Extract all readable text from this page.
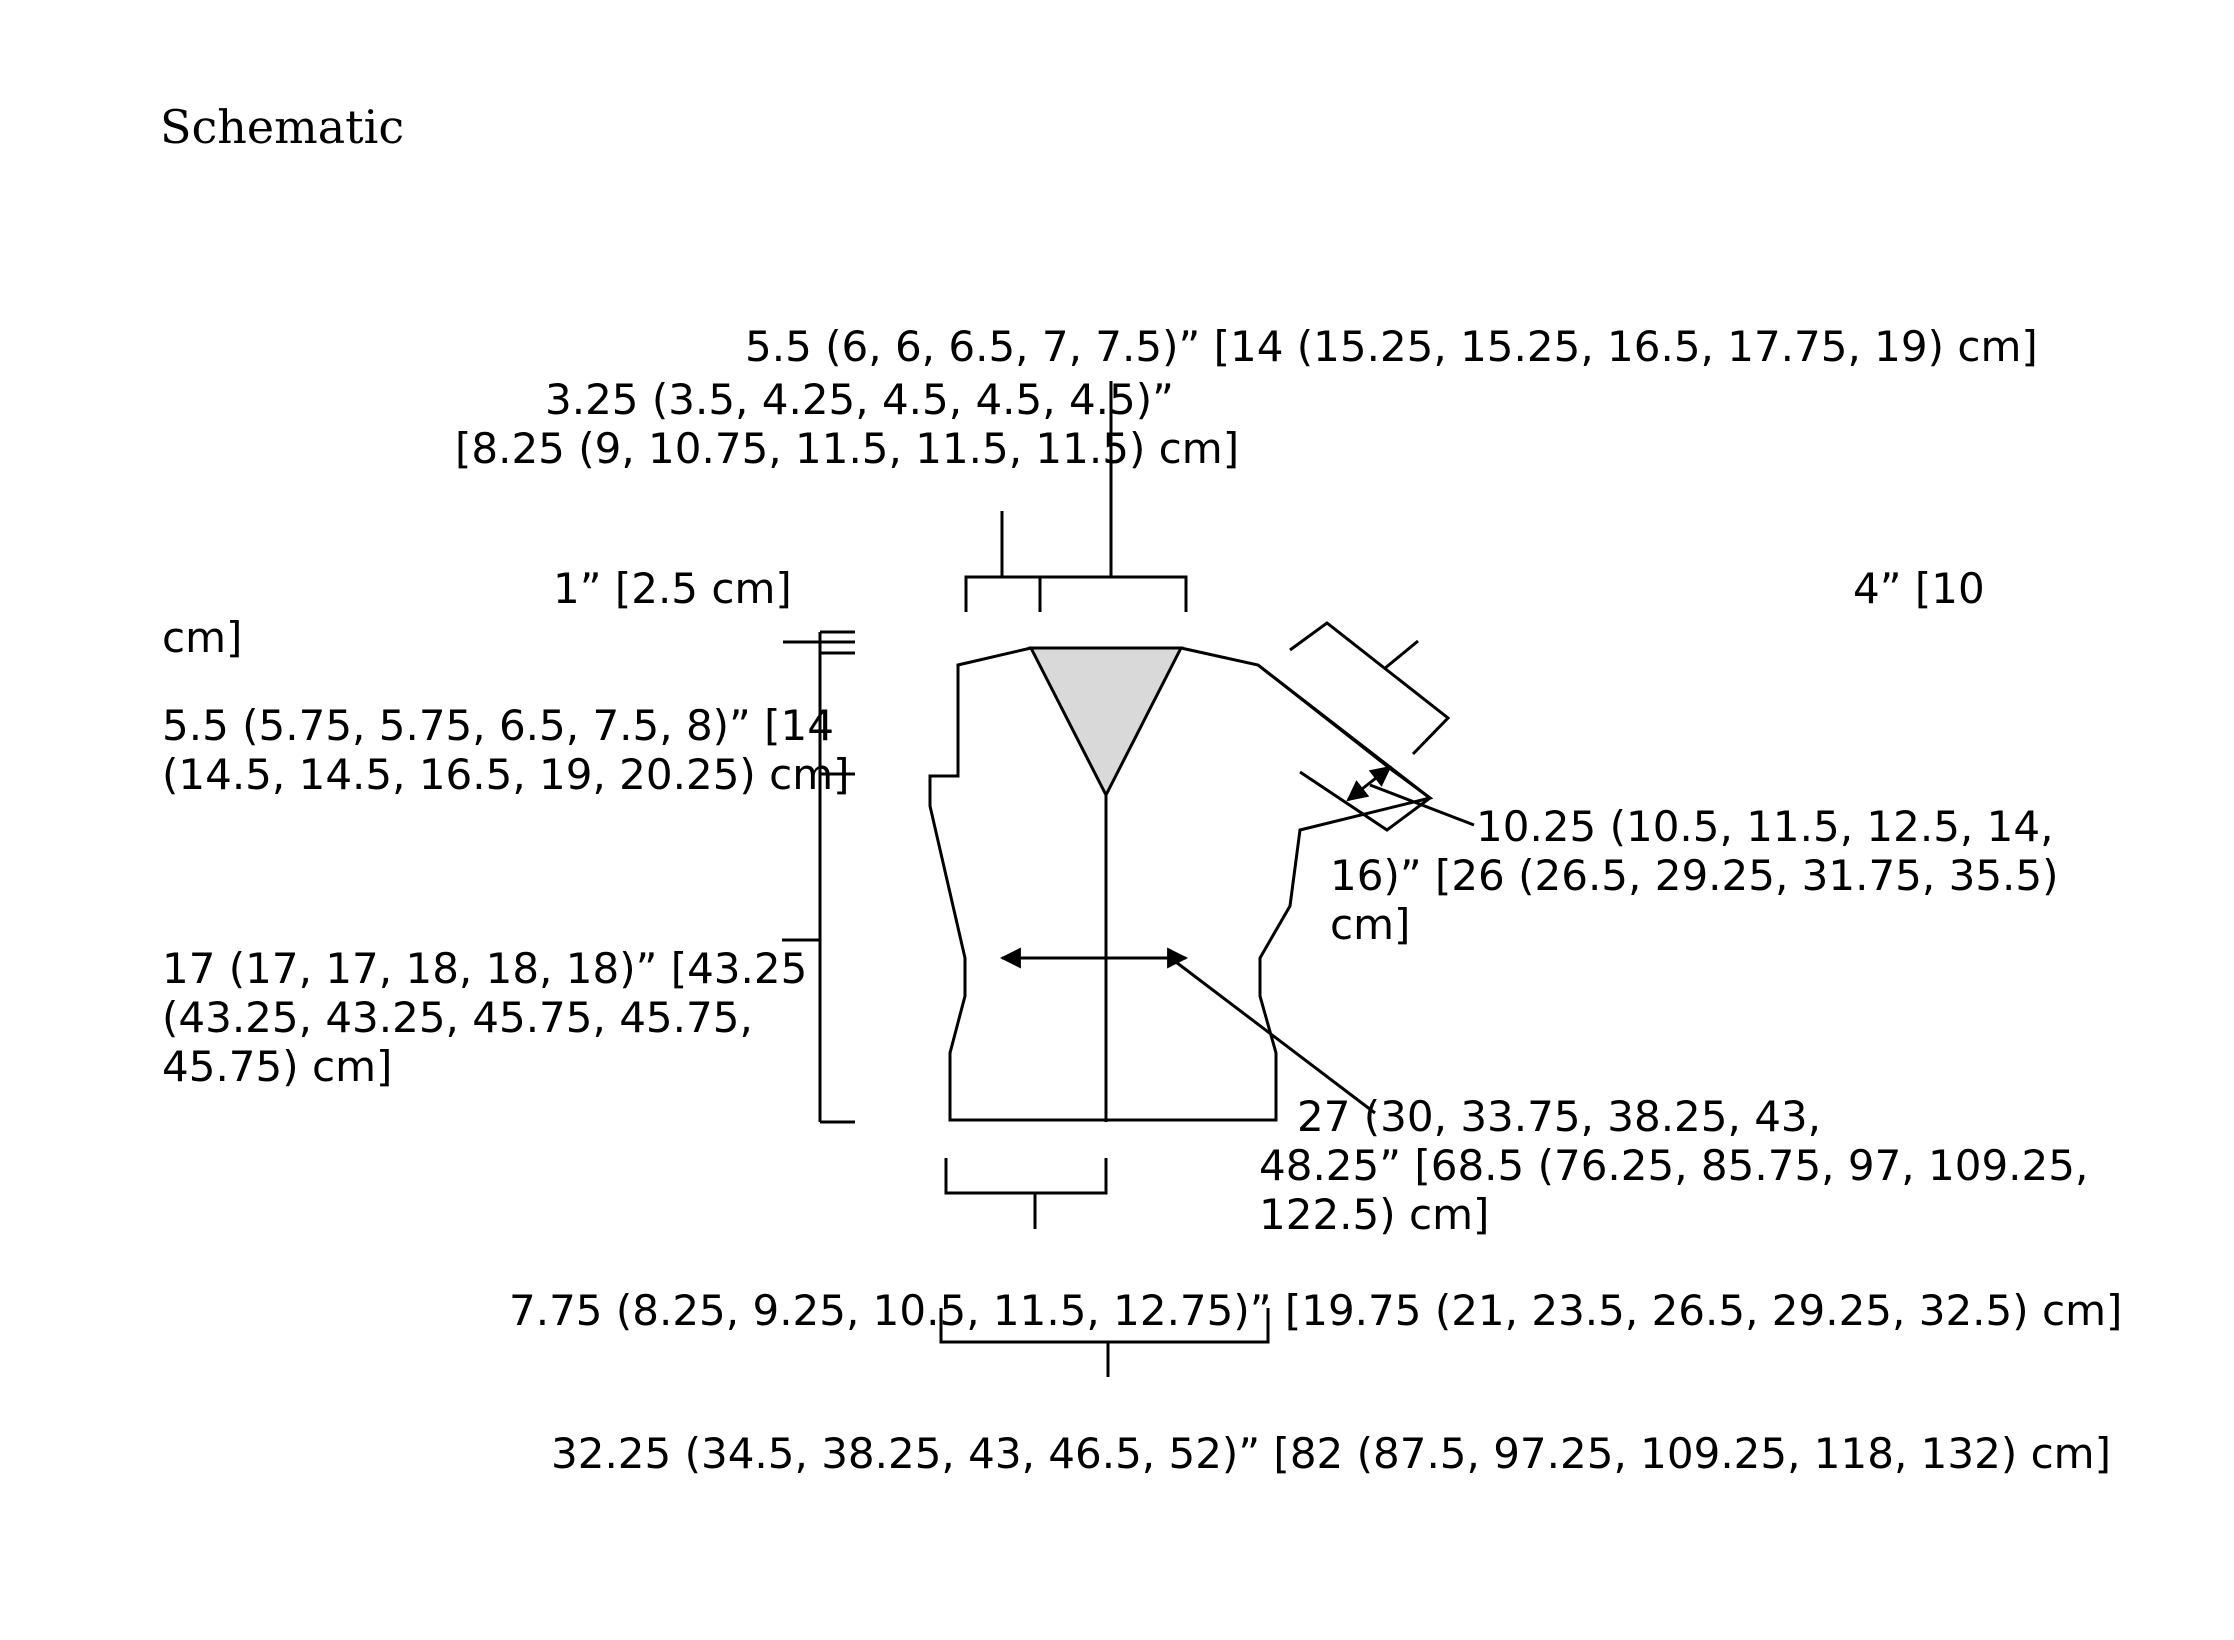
Schematic

5.5 (6, 6, 6.5, 7, 7.5)” [14 (15.25, 15.25, 16.5, 17.75, 19) cm]

3.25 (3.5, 4.25, 4.5, 4.5, 4.5)”

[8.25 (9, 10.75, 11.5, 11.5, 11.5) cm]

1” [2.5 cm]	4” [10

cm]

5.5 (5.75, 5.75, 6.5, 7.5, 8)” [14

(14.5, 14.5, 16.5, 19, 20.25) cm]

10.25 (10.5, 11.5, 12.5, 14,

16)” [26 (26.5, 29.25, 31.75, 35.5)

cm]

17 (17, 17, 18, 18, 18)” [43.25

(43.25, 43.25, 45.75, 45.75,

45.75) cm]

27 (30, 33.75, 38.25, 43,

48.25” [68.5 (76.25, 85.75, 97, 109.25,

122.5) cm]

7.75 (8.25, 9.25, 10.5, 11.5, 12.75)” [19.75 (21, 23.5, 26.5, 29.25, 32.5) cm]

32.25 (34.5, 38.25, 43, 46.5, 52)” [82 (87.5, 97.25, 109.25, 118, 132) cm]
